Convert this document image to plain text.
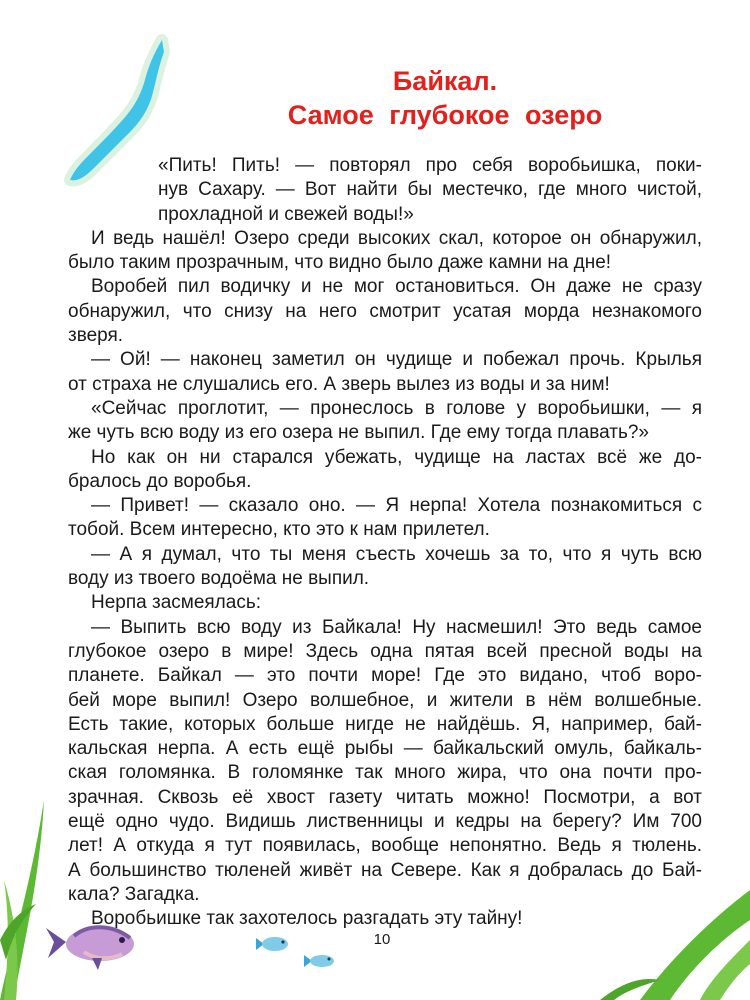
Байкал.
Самое глубокое озеро
«Пить! Пить! — повторял про себя воробьишка, поки-
нув Сахару. — Вот найти бы местечко, где много чистой,
прохладной и свежей воды!»
И ведь нашёл! Озеро среди высоких скал, которое он обнаружил,
было таким прозрачным, что видно было даже камни на дне!
Воробей пил водичку и не мог остановиться. Он даже не сразу
обнаружил, что снизу на него смотрит усатая морда незнакомого
зверя.
— Ой! — наконец заметил он чудище и побежал прочь. Крылья
от страха не слушались его. А зверь вылез из воды и за ним!
«Сейчас проглотит, — пронеслось в голове у воробьишки, — я
же чуть всю воду из его озера не выпил. Где ему тогда плавать?»
Но как он ни старался убежать, чудище на ластах всё же до-
бралось до воробья.
— Привет! — сказало оно. — Я нерпа! Хотела познакомиться с
тобой. Всем интересно, кто это к нам прилетел.
— А я думал, что ты меня съесть хочешь за то, что я чуть всю
воду из твоего водоёма не выпил.
Нерпа засмеялась:
— Выпить всю воду из Байкала! Ну насмешил! Это ведь самое
глубокое озеро в мире! Здесь одна пятая всей пресной воды на
планете. Байкал — это почти море! Где это видано, чтоб воро-
бей море выпил! Озеро волшебное, и жители в нём волшебные.
Есть такие, которых больше нигде не найдёшь. Я, например, бай-
кальская нерпа. А есть ещё рыбы — байкальский омуль, байкаль-
ская голомянка. В голомянке так много жира, что она почти про-
зрачная. Сквозь её хвост газету читать можно! Посмотри, а вот
ещё одно чудо. Видишь лиственницы и кедры на берегу? Им 700
лет! А откуда я тут появилась, вообще непонятно. Ведь я тюлень.
А большинство тюленей живёт на Севере. Как я добралась до Бай-
кала? Загадка.
Воробьишке так захотелось разгадать эту тайну!
10
